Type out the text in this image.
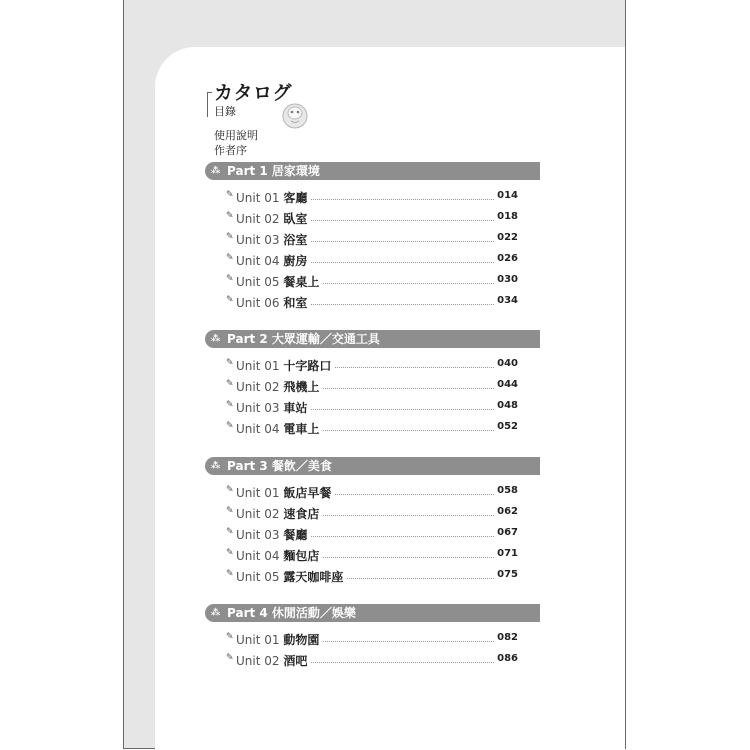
カタログ
目錄
使用說明
作者序
⁂ Part 1 居家環境
✎ Unit 01 客廳	014
✎ Unit 02 臥室	018
✎ Unit 03 浴室	022
✎ Unit 04 廚房	026
✎ Unit 05 餐桌上	030
✎ Unit 06 和室	034
⁂ Part 2 大眾運輸／交通工具
✎ Unit 01 十字路口	040
✎ Unit 02 飛機上	044
✎ Unit 03 車站	048
✎ Unit 04 電車上	052
⁂ Part 3 餐飲／美食
✎ Unit 01 飯店早餐	058
✎ Unit 02 速食店	062
✎ Unit 03 餐廳	067
✎ Unit 04 麵包店	071
✎ Unit 05 露天咖啡座	075
⁂ Part 4 休閒活動／娛樂
✎ Unit 01 動物園	082
✎ Unit 02 酒吧	086
